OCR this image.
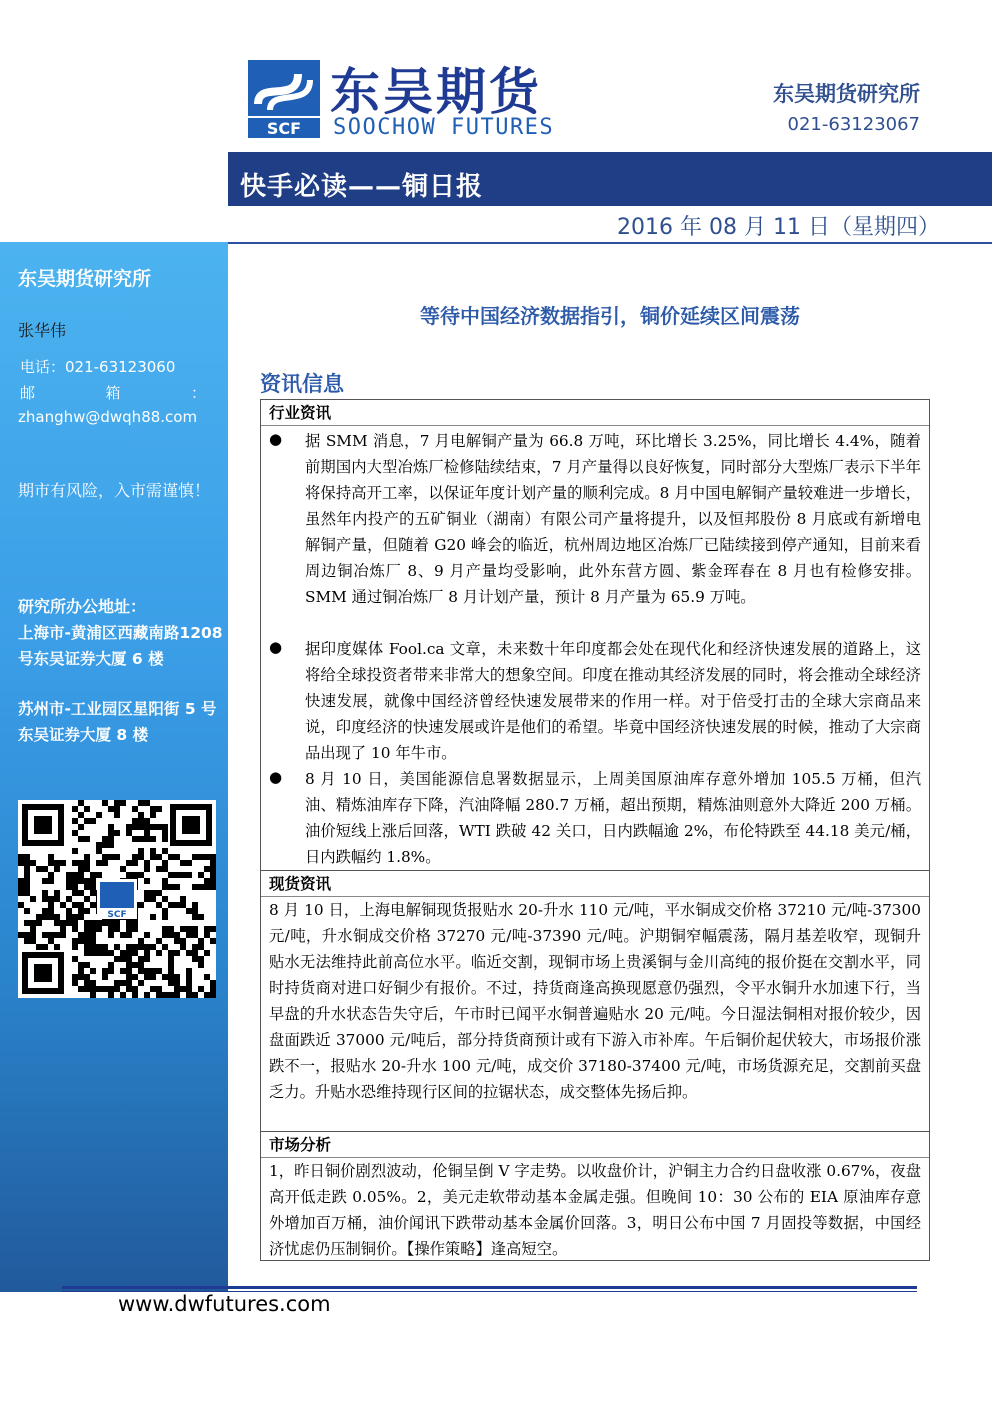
SCF
东吴期货
SOOCHOW FUTURES
东吴期货研究所
021-63123067
快手必读——铜日报
2016 年 08 月 11 日（星期四）
东吴期货研究所
张华伟
电话：021-63123060
邮	箱	：
zhanghw@dwqh88.com
期市有风险，入市需谨慎！
研究所办公地址：
上海市-黄浦区西藏南路1208 号东吴证券大厦 6 楼
苏州市-工业园区星阳街 5 号东吴证券大厦 8 楼
SCF
等待中国经济数据指引，铜价延续区间震荡
资讯信息
行业资讯
● 据 SMM 消息，7 月电解铜产量为 66.8 万吨，环比增长 3.25%，同比增长 4.4%，随着前期国内大型冶炼厂检修陆续结束，7 月产量得以良好恢复，同时部分大型炼厂表示下半年将保持高开工率，以保证年度计划产量的顺利完成。8 月中国电解铜产量较难进一步增长，虽然年内投产的五矿铜业（湖南）有限公司产量将提升，以及恒邦股份 8 月底或有新增电解铜产量，但随着 G20 峰会的临近，杭州周边地区冶炼厂已陆续接到停产通知，目前来看周边铜冶炼厂 8、9 月产量均受影响，此外东营方圆、紫金珲春在 8 月也有检修安排。SMM 通过铜冶炼厂 8 月计划产量，预计 8 月产量为 65.9 万吨。
● 据印度媒体 Fool.ca 文章，未来数十年印度都会处在现代化和经济快速发展的道路上，这将给全球投资者带来非常大的想象空间。印度在推动其经济发展的同时，将会推动全球经济快速发展，就像中国经济曾经快速发展带来的作用一样。对于倍受打击的全球大宗商品来说，印度经济的快速发展或许是他们的希望。毕竟中国经济快速发展的时候，推动了大宗商品出现了 10 年牛市。
● 8 月 10 日，美国能源信息署数据显示，上周美国原油库存意外增加 105.5 万桶，但汽油、精炼油库存下降，汽油降幅 280.7 万桶，超出预期，精炼油则意外大降近 200 万桶。油价短线上涨后回落，WTI 跌破 42 关口，日内跌幅逾 2%，布伦特跌至 44.18 美元/桶，日内跌幅约 1.8%。
现货资讯
8 月 10 日，上海电解铜现货报贴水 20-升水 110 元/吨，平水铜成交价格 37210 元/吨-37300 元/吨，升水铜成交价格 37270 元/吨-37390 元/吨。沪期铜窄幅震荡，隔月基差收窄，现铜升贴水无法维持此前高位水平。临近交割，现铜市场上贵溪铜与金川高纯的报价挺在交割水平，同时持货商对进口好铜少有报价。不过，持货商逢高换现愿意仍强烈，令平水铜升水加速下行，当早盘的升水状态告失守后，午市时已闻平水铜普遍贴水 20 元/吨。今日湿法铜相对报价较少，因盘面跌近 37000 元/吨后，部分持货商预计或有下游入市补库。午后铜价起伏较大，市场报价涨跌不一，报贴水 20-升水 100 元/吨，成交价 37180-37400 元/吨，市场货源充足，交割前买盘乏力。升贴水恐维持现行区间的拉锯状态，成交整体先扬后抑。
市场分析
1，昨日铜价剧烈波动，伦铜呈倒 V 字走势。以收盘价计，沪铜主力合约日盘收涨 0.67%，夜盘高开低走跌 0.05%。2，美元走软带动基本金属走强。但晚间 10：30 公布的 EIA 原油库存意外增加百万桶，油价闻讯下跌带动基本金属价回落。3，明日公布中国 7 月固投等数据，中国经济忧虑仍压制铜价。【操作策略】逢高短空。
www.dwfutures.com
